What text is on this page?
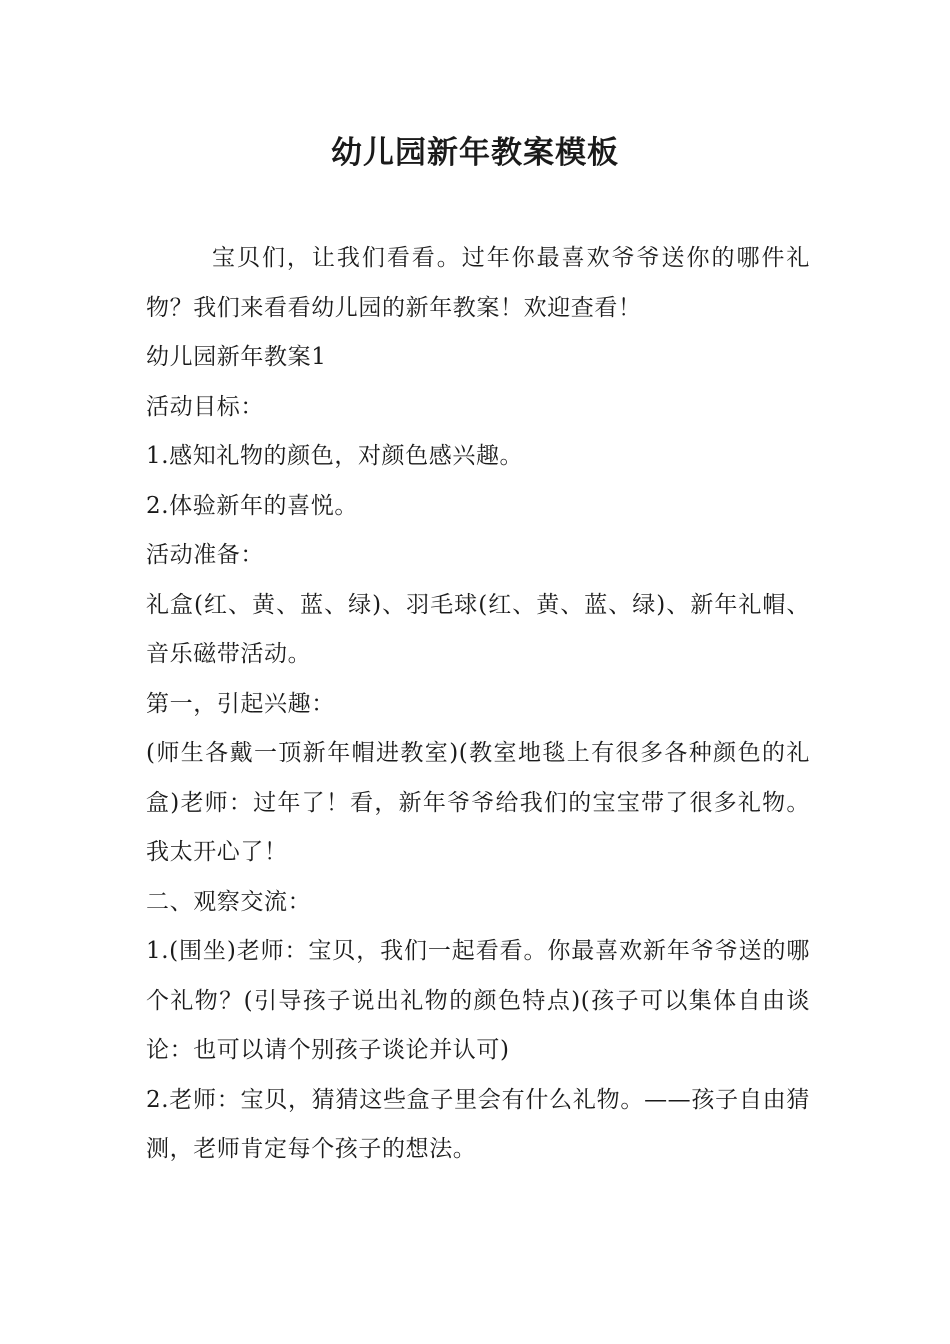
幼儿园新年教案模板

宝贝们，让我们看看。过年你最喜欢爷爷送你的哪件礼物？我们来看看幼儿园的新年教案！欢迎查看！

幼儿园新年教案1

活动目标：

1.感知礼物的颜色，对颜色感兴趣。

2.体验新年的喜悦。

活动准备：

礼盒(红、黄、蓝、绿)、羽毛球(红、黄、蓝、绿)、新年礼帽、音乐磁带活动。

第一，引起兴趣：

(师生各戴一顶新年帽进教室)(教室地毯上有很多各种颜色的礼盒)老师：过年了！看，新年爷爷给我们的宝宝带了很多礼物。我太开心了！

二、观察交流：

1.(围坐)老师：宝贝，我们一起看看。你最喜欢新年爷爷送的哪个礼物？(引导孩子说出礼物的颜色特点)(孩子可以集体自由谈论：也可以请个别孩子谈论并认可)

2.老师：宝贝，猜猜这些盒子里会有什么礼物。——孩子自由猜测，老师肯定每个孩子的想法。
